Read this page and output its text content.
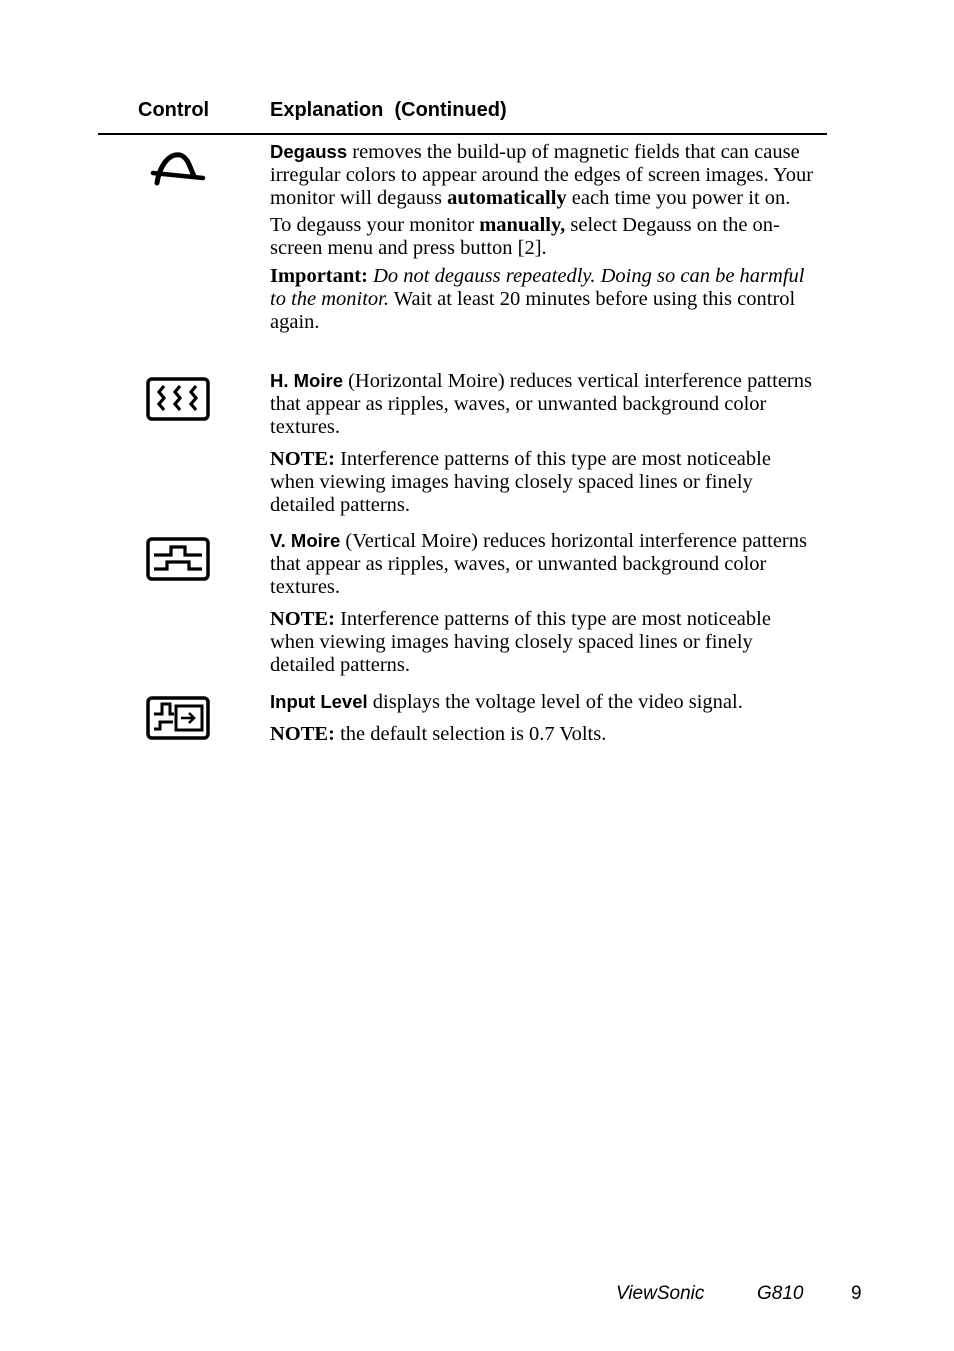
Control	Explanation  (Continued)

Degauss removes the build-up of magnetic fields that can cause irregular colors to appear around the edges of screen images. Your monitor will degauss automatically each time you power it on.

To degauss your monitor manually, select Degauss on the on-screen menu and press button [2].

Important: Do not degauss repeatedly. Doing so can be harmful to the monitor. Wait at least 20 minutes before using this control again.

H. Moire (Horizontal Moire) reduces vertical interference patterns that appear as ripples, waves, or unwanted background color textures.

NOTE: Interference patterns of this type are most noticeable when viewing images having closely spaced lines or finely detailed patterns.

V. Moire (Vertical Moire) reduces horizontal interference patterns that appear as ripples, waves, or unwanted background color textures.

NOTE: Interference patterns of this type are most noticeable when viewing images having closely spaced lines or finely detailed patterns.

Input Level displays the voltage level of the video signal.

NOTE: the default selection is 0.7 Volts.

ViewSonic	G810	9
